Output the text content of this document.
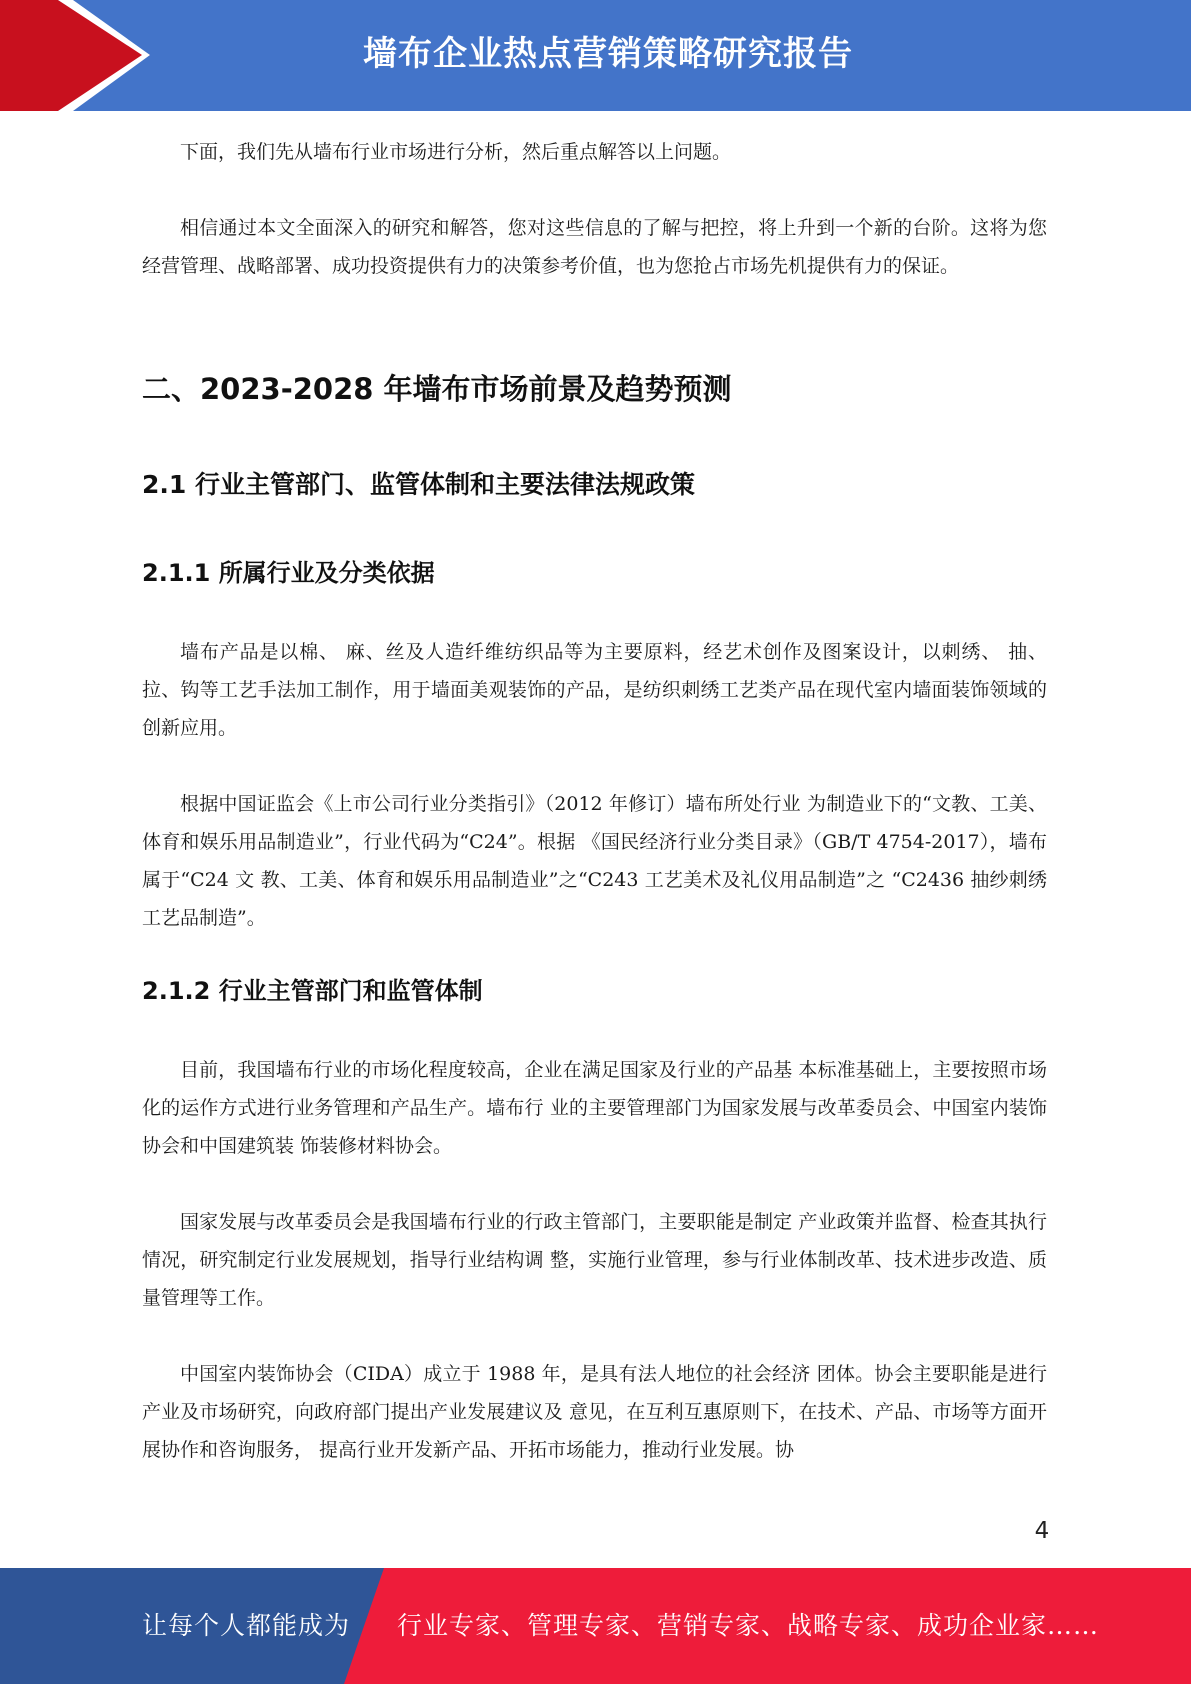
墙布企业热点营销策略研究报告

下面，我们先从墙布行业市场进行分析，然后重点解答以上问题。

相信通过本文全面深入的研究和解答，您对这些信息的了解与把控，将上升到一个新的台阶。这将为您经营管理、战略部署、成功投资提供有力的决策参考价值，也为您抢占市场先机提供有力的保证。

二、2023-2028 年墙布市场前景及趋势预测
2.1 行业主管部门、监管体制和主要法律法规政策
2.1.1 所属行业及分类依据

墙布产品是以棉、 麻、丝及人造纤维纺织品等为主要原料，经艺术创作及图案设计，以刺绣、 抽、拉、钩等工艺手法加工制作，用于墙面美观装饰的产品，是纺织刺绣工艺类产品在现代室内墙面装饰领域的创新应用。

根据中国证监会《上市公司行业分类指引》（2012 年修订）墙布所处行业 为制造业下的“文教、工美、体育和娱乐用品制造业”，行业代码为“C24”。根据 《国民经济行业分类目录》（GB/T 4754-2017），墙布属于“C24 文 教、工美、体育和娱乐用品制造业”之“C243 工艺美术及礼仪用品制造”之 “C2436 抽纱刺绣工艺品制造”。

2.1.2 行业主管部门和监管体制

目前，我国墙布行业的市场化程度较高，企业在满足国家及行业的产品基 本标准基础上，主要按照市场化的运作方式进行业务管理和产品生产。墙布行 业的主要管理部门为国家发展与改革委员会、中国室内装饰协会和中国建筑装 饰装修材料协会。

国家发展与改革委员会是我国墙布行业的行政主管部门，主要职能是制定 产业政策并监督、检查其执行情况，研究制定行业发展规划，指导行业结构调 整，实施行业管理，参与行业体制改革、技术进步改造、质量管理等工作。

中国室内装饰协会（CIDA）成立于 1988 年，是具有法人地位的社会经济 团体。协会主要职能是进行产业及市场研究，向政府部门提出产业发展建议及 意见，在互利互惠原则下，在技术、产品、市场等方面开展协作和咨询服务， 提高行业开发新产品、开拓市场能力，推动行业发展。协

4
让每个人都能成为 行业专家、管理专家、营销专家、战略专家、成功企业家……
